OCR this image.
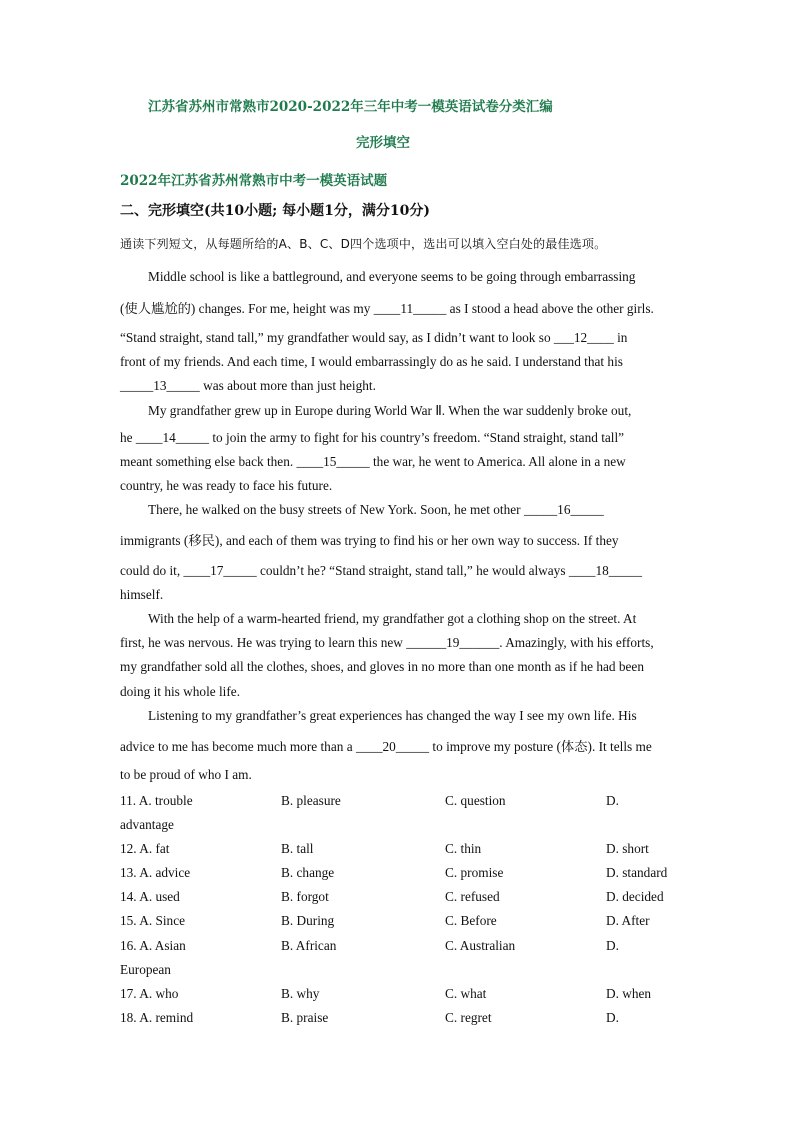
江苏省苏州市常熟市2020-2022年三年中考一模英语试卷分类汇编
完形填空
2022年江苏省苏州常熟市中考一模英语试题
二、完形填空(共10小题; 每小题1分，满分10分)
通读下列短文，从每题所给的A、B、C、D四个选项中，选出可以填入空白处的最佳选项。
Middle school is like a battleground, and everyone seems to be going through embarrassing
(使人尴尬的) changes. For me, height was my ____11_____ as I stood a head above the other girls.
“Stand straight, stand tall,” my grandfather would say, as I didn’t want to look so ___12____ in
front of my friends. And each time, I would embarrassingly do as he said. I understand that his
_____13_____ was about more than just height.
My grandfather grew up in Europe during World War Ⅱ. When the war suddenly broke out,
he ____14_____ to join the army to fight for his country’s freedom. “Stand straight, stand tall”
meant something else back then. ____15_____ the war, he went to America. All alone in a new
country, he was ready to face his future.
There, he walked on the busy streets of New York. Soon, he met other _____16_____
immigrants (移民), and each of them was trying to find his or her own way to success. If they
could do it, ____17_____ couldn’t he? “Stand straight, stand tall,” he would always ____18_____
himself.
With the help of a warm-hearted friend, my grandfather got a clothing shop on the street. At
first, he was nervous. He was trying to learn this new ______19______. Amazingly, with his efforts,
my grandfather sold all the clothes, shoes, and gloves in no more than one month as if he had been
doing it his whole life.
Listening to my grandfather’s great experiences has changed the way I see my own life. His
advice to me has become much more than a ____20_____ to improve my posture (体态). It tells me
to be proud of who I am.
11. A. trouble	B. pleasure	C. question	D.
advantage
12. A. fat	B. tall	C. thin	D. short
13. A. advice	B. change	C. promise	D. standard
14. A. used	B. forgot	C. refused	D. decided
15. A. Since	B. During	C. Before	D. After
16. A. Asian	B. African	C. Australian	D.
European
17. A. who	B. why	C. what	D. when
18. A. remind	B. praise	C. regret	D.
